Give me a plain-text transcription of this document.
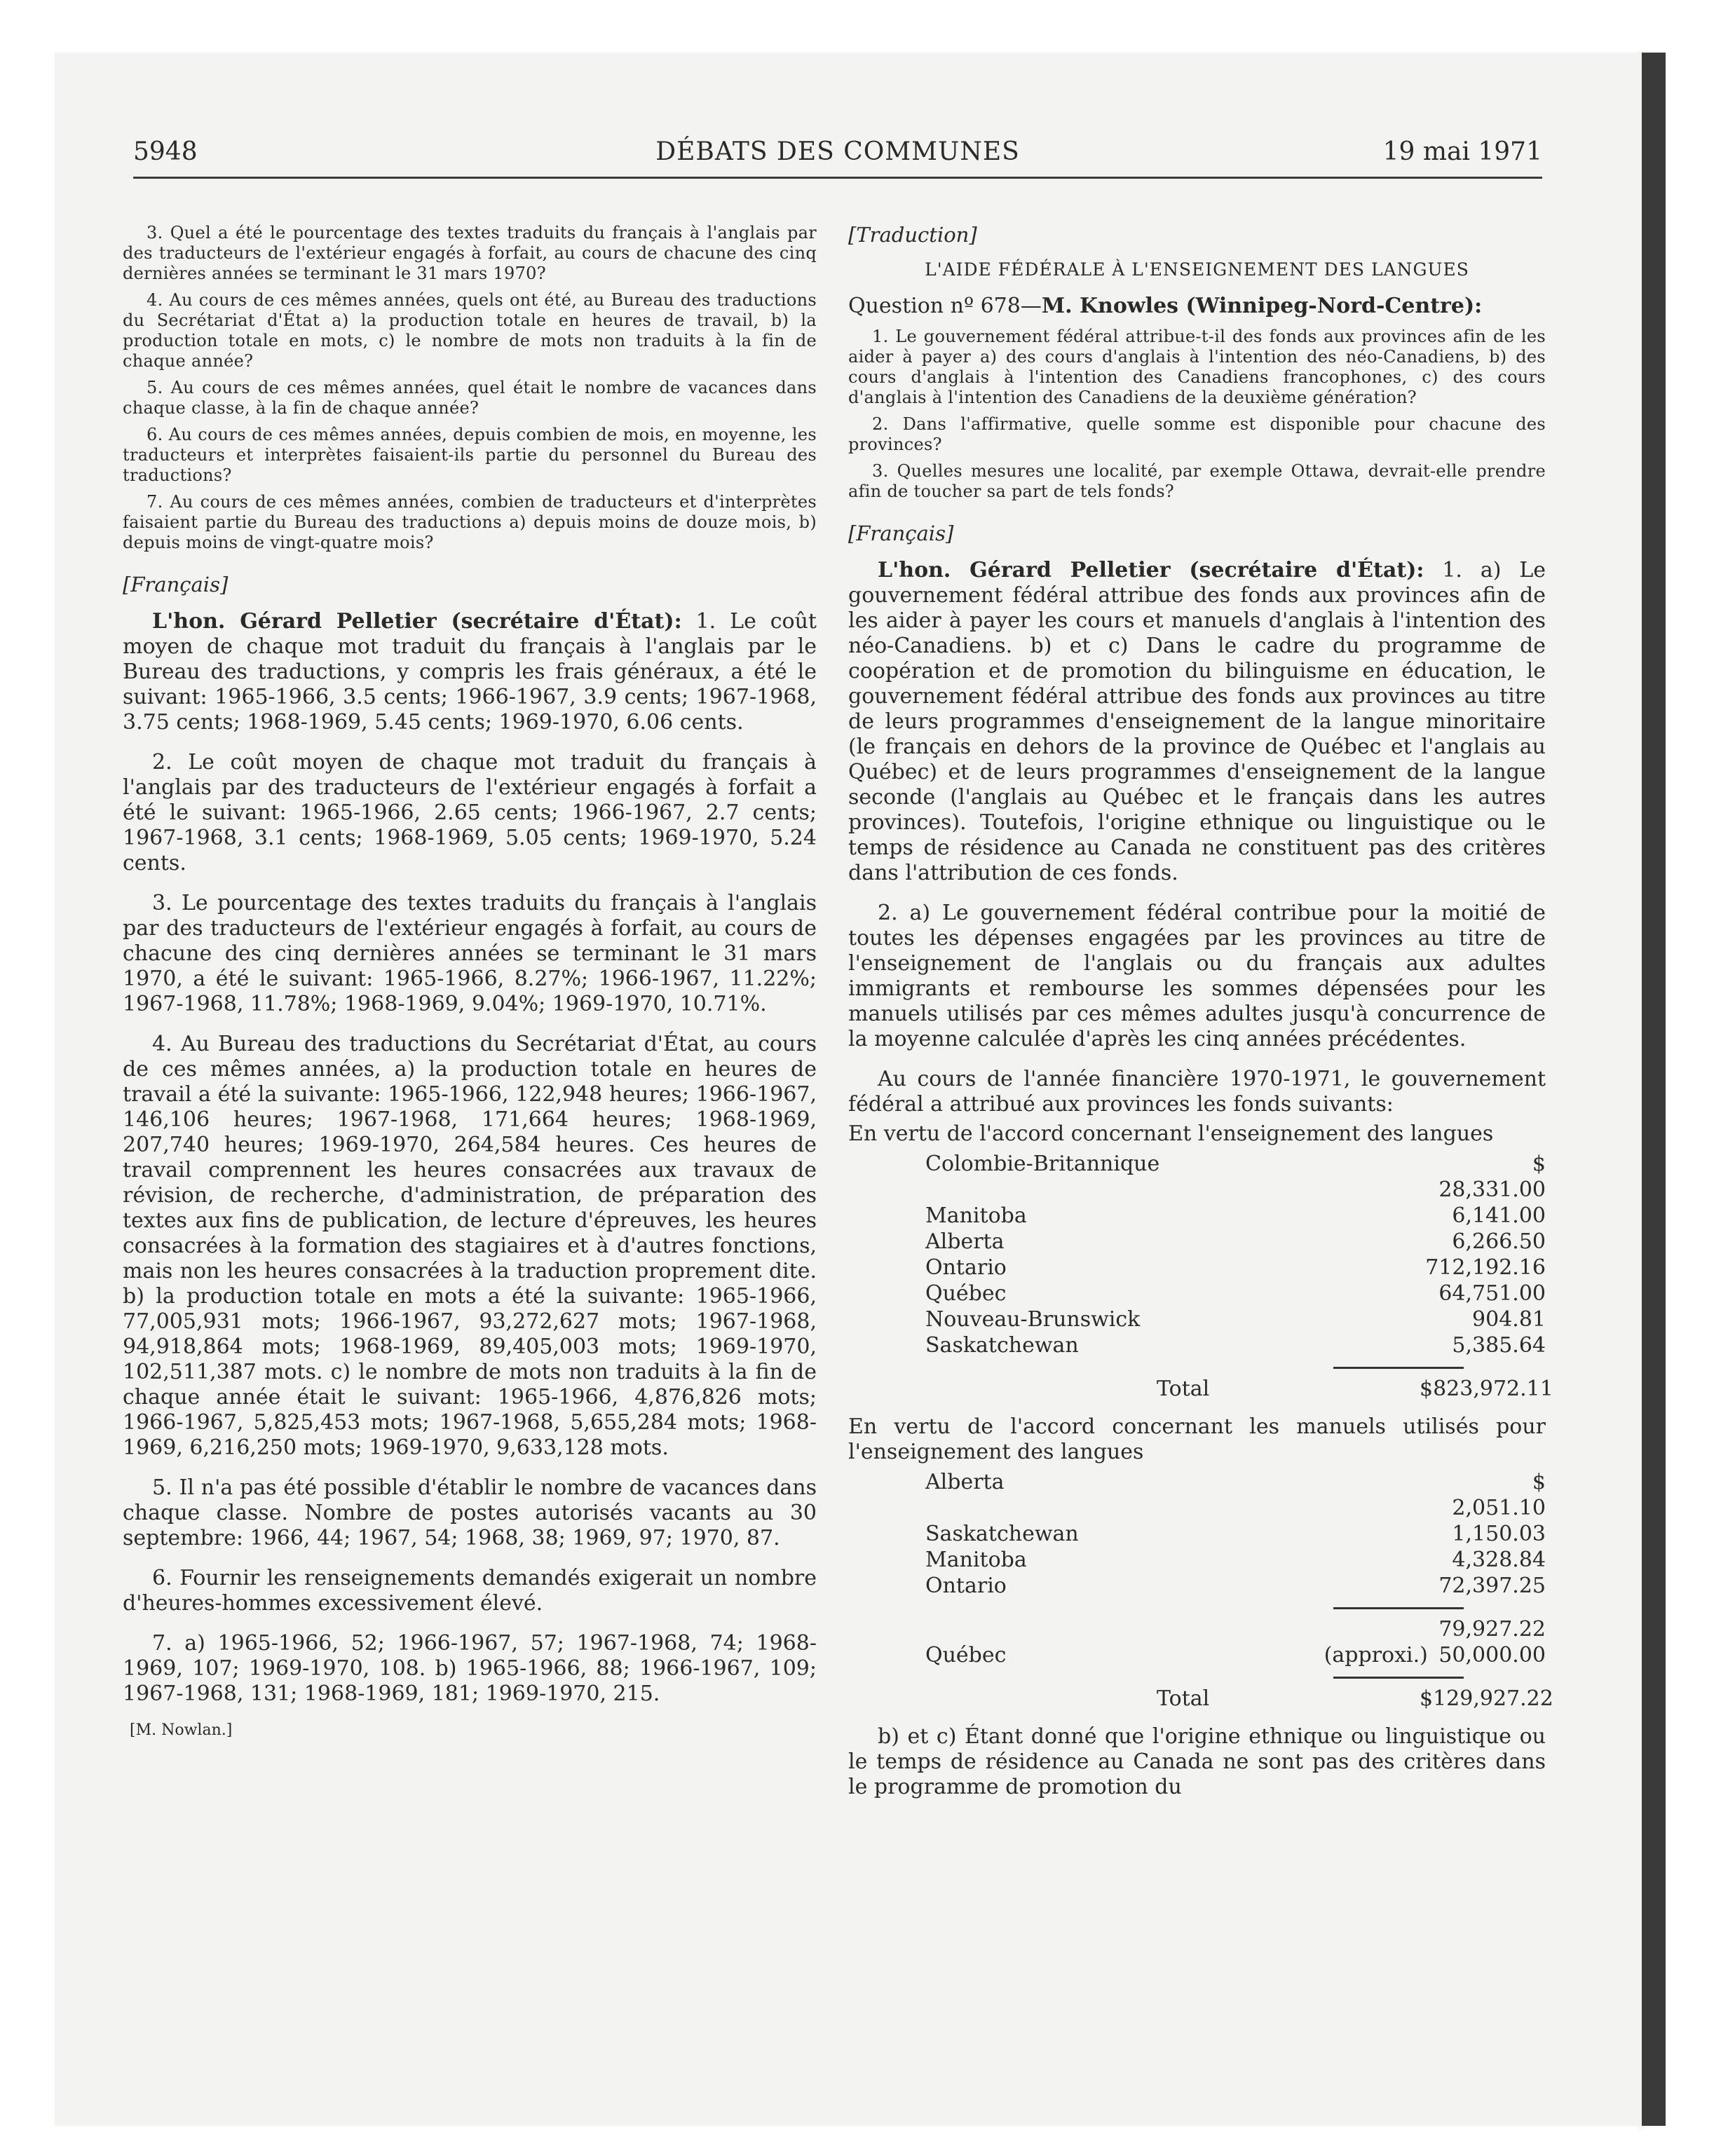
5948	DÉBATS DES COMMUNES	19 mai 1971

3. Quel a été le pourcentage des textes traduits du français à l'anglais par des traducteurs de l'extérieur engagés à forfait, au cours de chacune des cinq dernières années se terminant le 31 mars 1970?

4. Au cours de ces mêmes années, quels ont été, au Bureau des traductions du Secrétariat d'État a) la production totale en heures de travail, b) la production totale en mots, c) le nombre de mots non traduits à la fin de chaque année?

5. Au cours de ces mêmes années, quel était le nombre de vacances dans chaque classe, à la fin de chaque année?

6. Au cours de ces mêmes années, depuis combien de mois, en moyenne, les traducteurs et interprètes faisaient-ils partie du personnel du Bureau des traductions?

7. Au cours de ces mêmes années, combien de traducteurs et d'interprètes faisaient partie du Bureau des traductions a) depuis moins de douze mois, b) depuis moins de vingt-quatre mois?

[Français]

L'hon. Gérard Pelletier (secrétaire d'État): 1. Le coût moyen de chaque mot traduit du français à l'anglais par le Bureau des traductions, y compris les frais généraux, a été le suivant: 1965-1966, 3.5 cents; 1966-1967, 3.9 cents; 1967-1968, 3.75 cents; 1968-1969, 5.45 cents; 1969-1970, 6.06 cents.

2. Le coût moyen de chaque mot traduit du français à l'anglais par des traducteurs de l'extérieur engagés à forfait a été le suivant: 1965-1966, 2.65 cents; 1966-1967, 2.7 cents; 1967-1968, 3.1 cents; 1968-1969, 5.05 cents; 1969-1970, 5.24 cents.

3. Le pourcentage des textes traduits du français à l'anglais par des traducteurs de l'extérieur engagés à forfait, au cours de chacune des cinq dernières années se terminant le 31 mars 1970, a été le suivant: 1965-1966, 8.27%; 1966-1967, 11.22%; 1967-1968, 11.78%; 1968-1969, 9.04%; 1969-1970, 10.71%.

4. Au Bureau des traductions du Secrétariat d'État, au cours de ces mêmes années, a) la production totale en heures de travail a été la suivante: 1965-1966, 122,948 heures; 1966-1967, 146,106 heures; 1967-1968, 171,664 heures; 1968-1969, 207,740 heures; 1969-1970, 264,584 heures. Ces heures de travail comprennent les heures consacrées aux travaux de révision, de recherche, d'administration, de préparation des textes aux fins de publication, de lecture d'épreuves, les heures consacrées à la formation des stagiaires et à d'autres fonctions, mais non les heures consacrées à la traduction proprement dite. b) la production totale en mots a été la suivante: 1965-1966, 77,005,931 mots; 1966-1967, 93,272,627 mots; 1967-1968, 94,918,864 mots; 1968-1969, 89,405,003 mots; 1969-1970, 102,511,387 mots. c) le nombre de mots non traduits à la fin de chaque année était le suivant: 1965-1966, 4,876,826 mots; 1966-1967, 5,825,453 mots; 1967-1968, 5,655,284 mots; 1968-1969, 6,216,250 mots; 1969-1970, 9,633,128 mots.

5. Il n'a pas été possible d'établir le nombre de vacances dans chaque classe. Nombre de postes autorisés vacants au 30 septembre: 1966, 44; 1967, 54; 1968, 38; 1969, 97; 1970, 87.

6. Fournir les renseignements demandés exigerait un nombre d'heures-hommes excessivement élevé.

7. a) 1965-1966, 52; 1966-1967, 57; 1967-1968, 74; 1968-1969, 107; 1969-1970, 108. b) 1965-1966, 88; 1966-1967, 109; 1967-1968, 131; 1968-1969, 181; 1969-1970, 215.

[M. Nowlan.]

[Traduction]

L'AIDE FÉDÉRALE À L'ENSEIGNEMENT DES LANGUES

Question nº 678—M. Knowles (Winnipeg-Nord-Centre):

1. Le gouvernement fédéral attribue-t-il des fonds aux provinces afin de les aider à payer a) des cours d'anglais à l'intention des néo-Canadiens, b) des cours d'anglais à l'intention des Canadiens francophones, c) des cours d'anglais à l'intention des Canadiens de la deuxième génération?

2. Dans l'affirmative, quelle somme est disponible pour chacune des provinces?

3. Quelles mesures une localité, par exemple Ottawa, devrait-elle prendre afin de toucher sa part de tels fonds?

[Français]

L'hon. Gérard Pelletier (secrétaire d'État): 1. a) Le gouvernement fédéral attribue des fonds aux provinces afin de les aider à payer les cours et manuels d'anglais à l'intention des néo-Canadiens. b) et c) Dans le cadre du programme de coopération et de promotion du bilinguisme en éducation, le gouvernement fédéral attribue des fonds aux provinces au titre de leurs programmes d'enseignement de la langue minoritaire (le français en dehors de la province de Québec et l'anglais au Québec) et de leurs programmes d'enseignement de la langue seconde (l'anglais au Québec et le français dans les autres provinces). Toutefois, l'origine ethnique ou linguistique ou le temps de résidence au Canada ne constituent pas des critères dans l'attribution de ces fonds.

2. a) Le gouvernement fédéral contribue pour la moitié de toutes les dépenses engagées par les provinces au titre de l'enseignement de l'anglais ou du français aux adultes immigrants et rembourse les sommes dépensées pour les manuels utilisés par ces mêmes adultes jusqu'à concurrence de la moyenne calculée d'après les cinq années précédentes.

Au cours de l'année financière 1970-1971, le gouvernement fédéral a attribué aux provinces les fonds suivants:

En vertu de l'accord concernant l'enseignement des langues

Colombie-Britannique	$ 28,331.00
Manitoba	6,141.00
Alberta	6,266.50
Ontario	712,192.16
Québec	64,751.00
Nouveau-Brunswick	904.81
Saskatchewan	5,385.64
Total	$823,972.11

En vertu de l'accord concernant les manuels utilisés pour l'enseignement des langues

Alberta	$ 2,051.10
Saskatchewan	1,150.03
Manitoba	4,328.84
Ontario	72,397.25
79,927.22
Québec	(approxi.) 50,000.00
Total	$129,927.22

b) et c) Étant donné que l'origine ethnique ou linguistique ou le temps de résidence au Canada ne sont pas des critères dans le programme de promotion du
